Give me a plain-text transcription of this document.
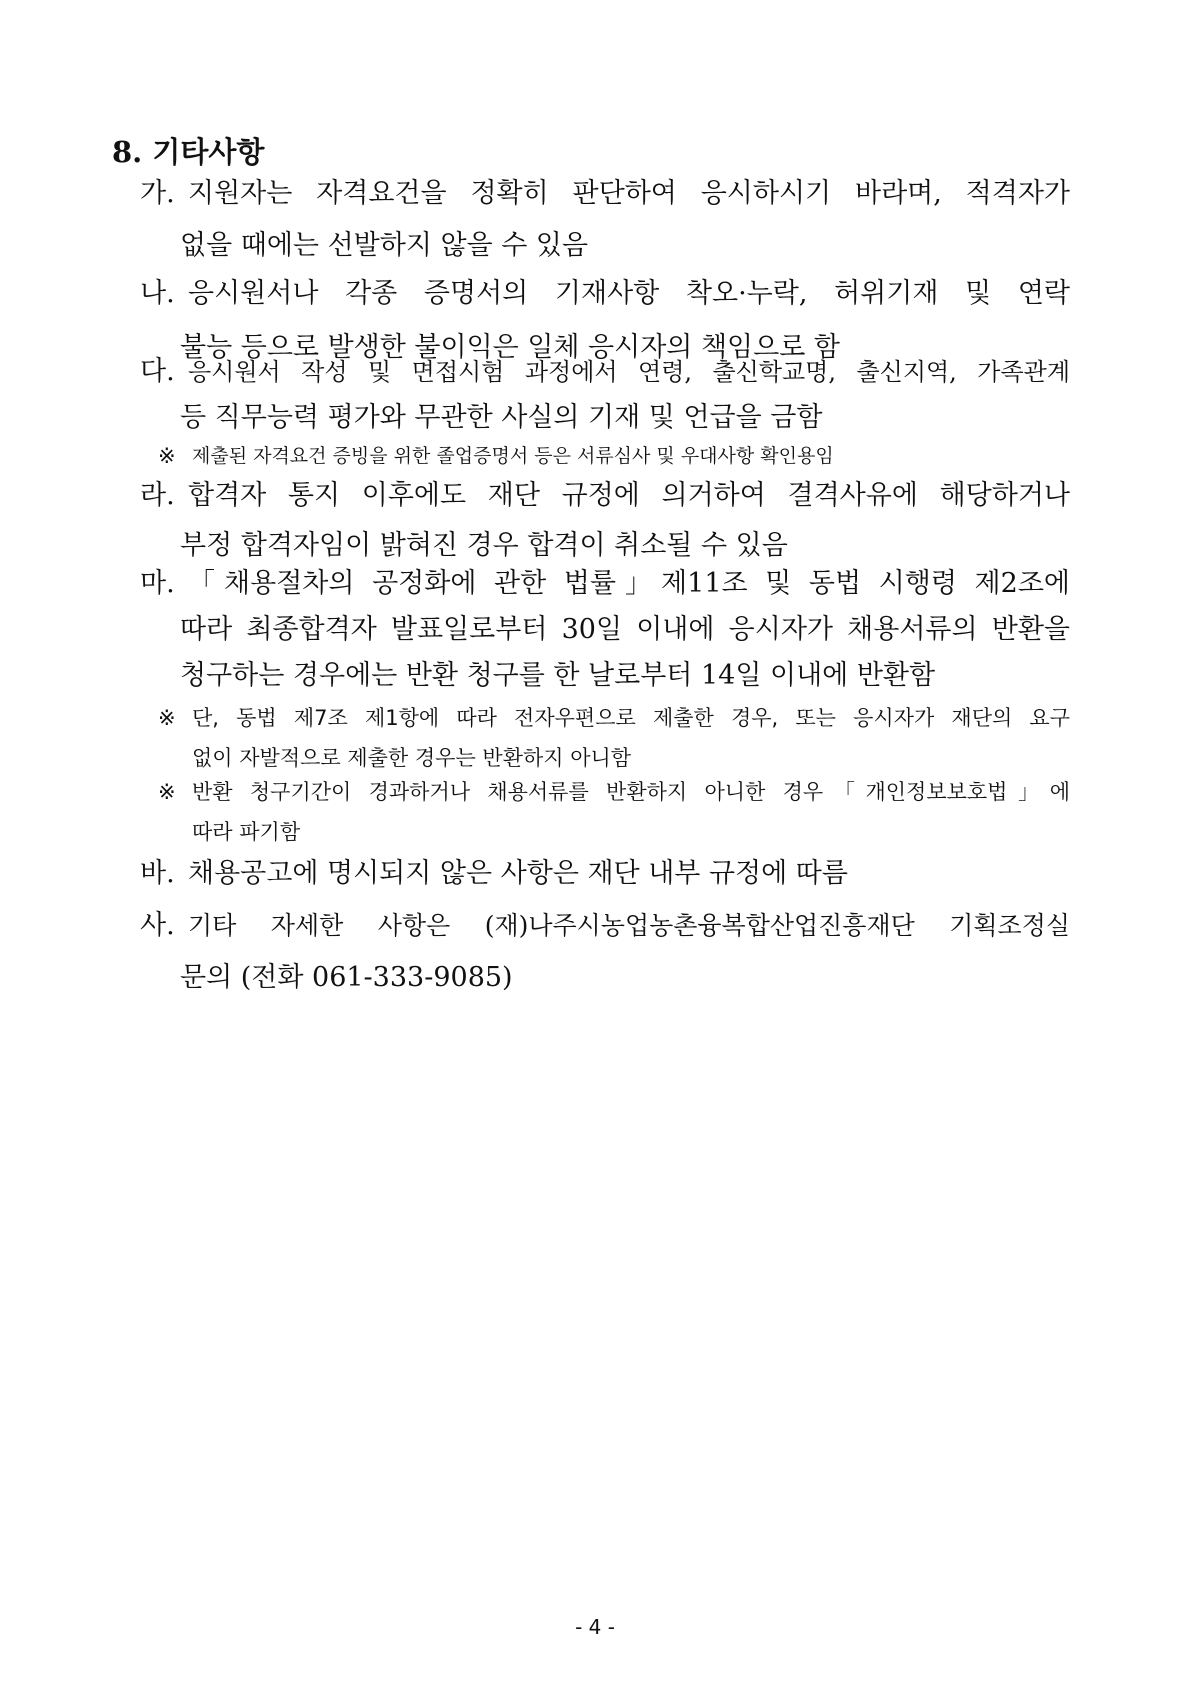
8. 기타사항
가. 지원자는 자격요건을 정확히 판단하여 응시하시기 바라며, 적격자가
없을 때에는 선발하지 않을 수 있음
나. 응시원서나 각종 증명서의 기재사항 착오·누락, 허위기재 및 연락
불능 등으로 발생한 불이익은 일체 응시자의 책임으로 함
다. 응시원서 작성 및 면접시험 과정에서 연령, 출신학교명, 출신지역, 가족관계
등 직무능력 평가와 무관한 사실의 기재 및 언급을 금함
※ 제출된 자격요건 증빙을 위한 졸업증명서 등은 서류심사 및 우대사항 확인용임
라. 합격자 통지 이후에도 재단 규정에 의거하여 결격사유에 해당하거나
부정 합격자임이 밝혀진 경우 합격이 취소될 수 있음
마. 「채용절차의 공정화에 관한 법률」제11조 및 동법 시행령 제2조에
따라 최종합격자 발표일로부터 30일 이내에 응시자가 채용서류의 반환을
청구하는 경우에는 반환 청구를 한 날로부터 14일 이내에 반환함
※ 단, 동법 제7조 제1항에 따라 전자우편으로 제출한 경우, 또는 응시자가 재단의 요구
없이 자발적으로 제출한 경우는 반환하지 아니함
※ 반환 청구기간이 경과하거나 채용서류를 반환하지 아니한 경우「개인정보보호법」에
따라 파기함
바. 채용공고에 명시되지 않은 사항은 재단 내부 규정에 따름
사. 기타 자세한 사항은 (재)나주시농업농촌융복합산업진흥재단 기획조정실
문의 (전화 061-333-9085)
- 4 -
